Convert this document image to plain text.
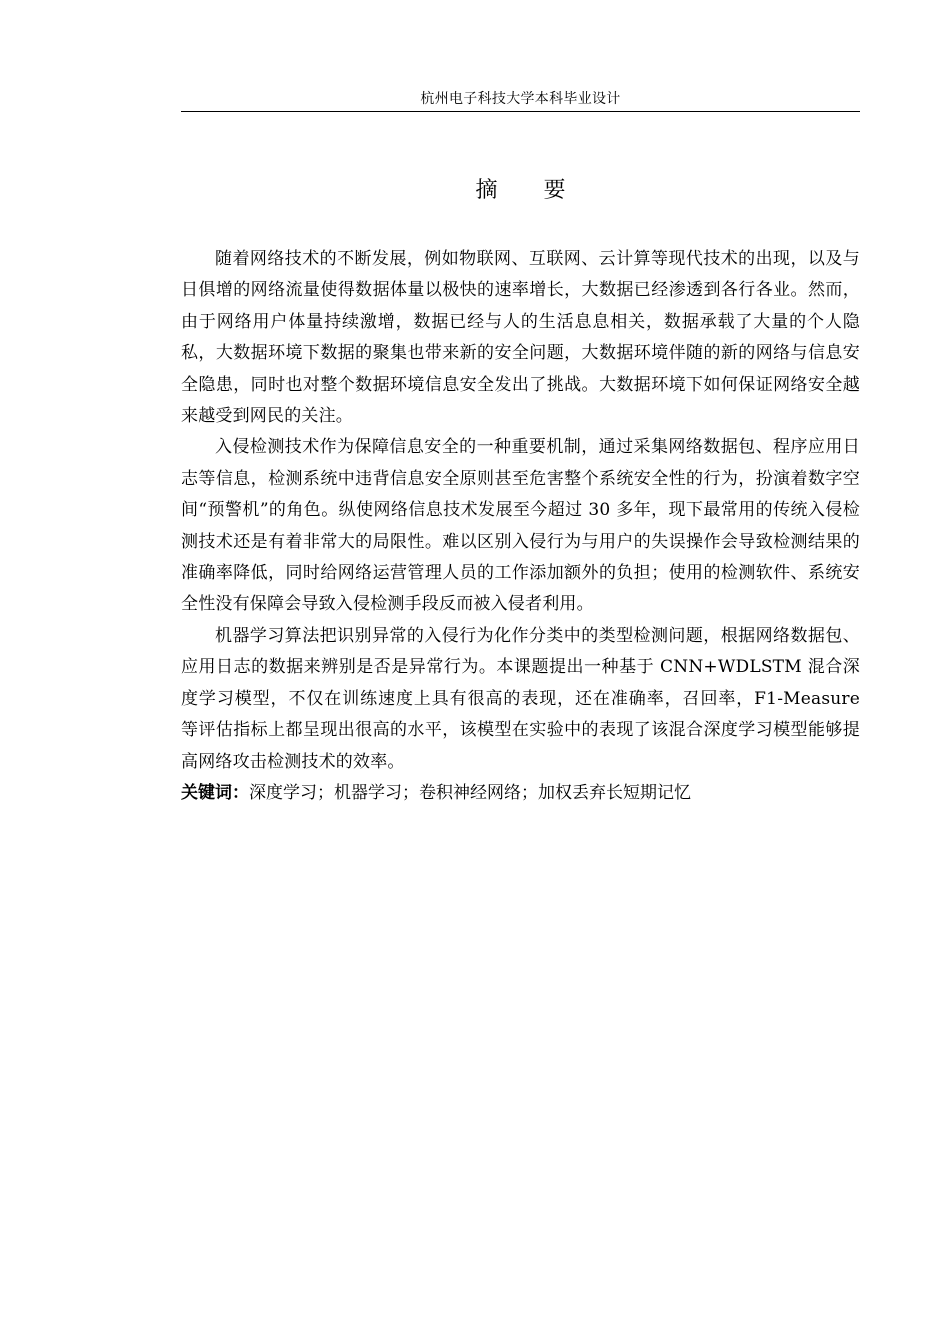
杭州电子科技大学本科毕业设计
摘 要

随着网络技术的不断发展，例如物联网、互联网、云计算等现代技术的出现，以及与日俱增的网络流量使得数据体量以极快的速率增长，大数据已经渗透到各行各业。然而，由于网络用户体量持续激增，数据已经与人的生活息息相关，数据承载了大量的个人隐私，大数据环境下数据的聚集也带来新的安全问题，大数据环境伴随的新的网络与信息安全隐患，同时也对整个数据环境信息安全发出了挑战。大数据环境下如何保证网络安全越来越受到网民的关注。

入侵检测技术作为保障信息安全的一种重要机制，通过采集网络数据包、程序应用日志等信息，检测系统中违背信息安全原则甚至危害整个系统安全性的行为，扮演着数字空间“预警机”的角色。纵使网络信息技术发展至今超过 30 多年，现下最常用的传统入侵检测技术还是有着非常大的局限性。难以区别入侵行为与用户的失误操作会导致检测结果的准确率降低，同时给网络运营管理人员的工作添加额外的负担；使用的检测软件、系统安全性没有保障会导致入侵检测手段反而被入侵者利用。

机器学习算法把识别异常的入侵行为化作分类中的类型检测问题，根据网络数据包、应用日志的数据来辨别是否是异常行为。本课题提出一种基于 CNN+WDLSTM 混合深度学习模型，不仅在训练速度上具有很高的表现，还在准确率，召回率，F1-Measure 等评估指标上都呈现出很高的水平，该模型在实验中的表现了该混合深度学习模型能够提高网络攻击检测技术的效率。

关键词：深度学习；机器学习；卷积神经网络；加权丢弃长短期记忆
